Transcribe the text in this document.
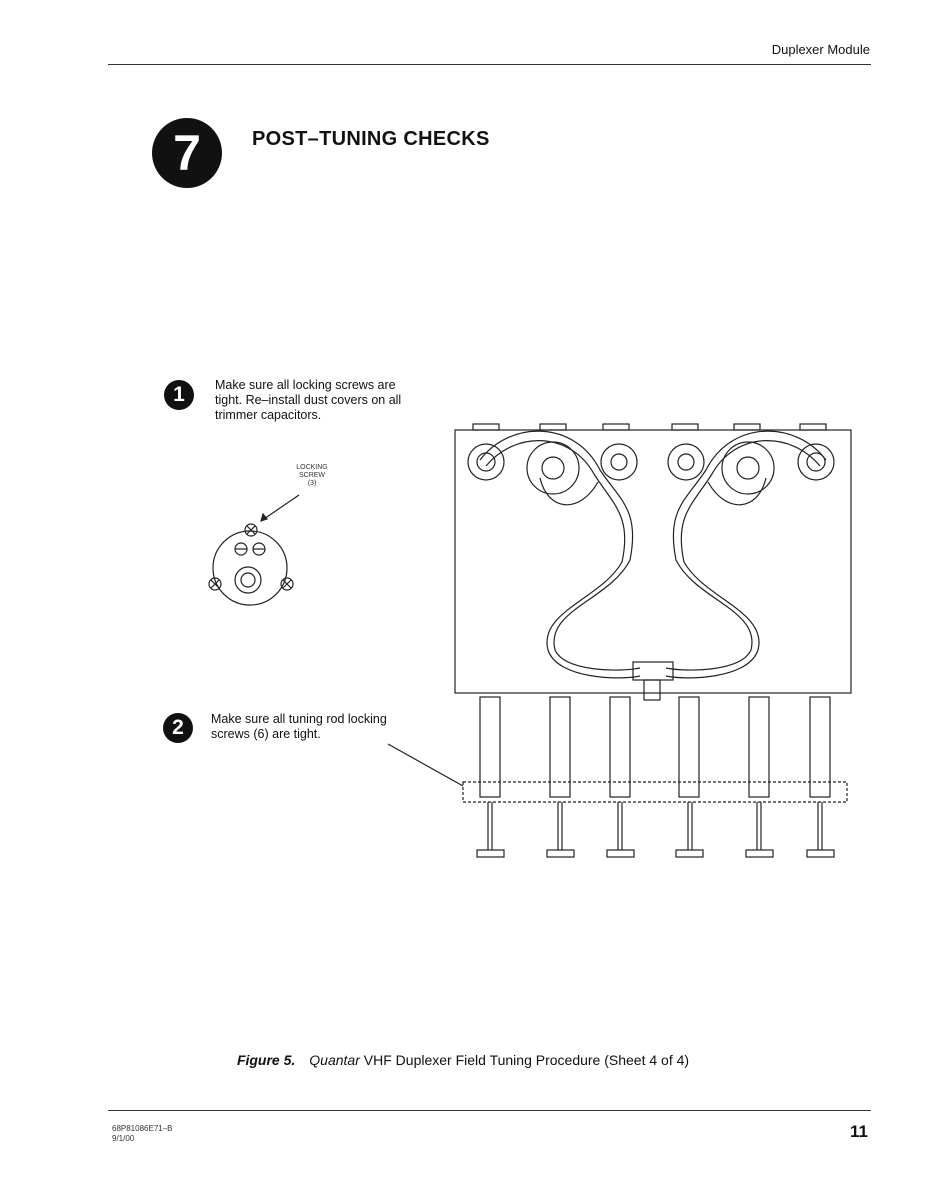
Duplexer Module
7	POST–TUNING CHECKS
1	Make sure all locking screws are
tight. Re–install dust covers on all
trimmer capacitors.
LOCKING
SCREW
(3)
2	Make sure all tuning rod locking
screws (6) are tight.
Figure 5. Quantar VHF Duplexer Field Tuning Procedure (Sheet 4 of 4)
68P81086E71–B
9/1/00	11
